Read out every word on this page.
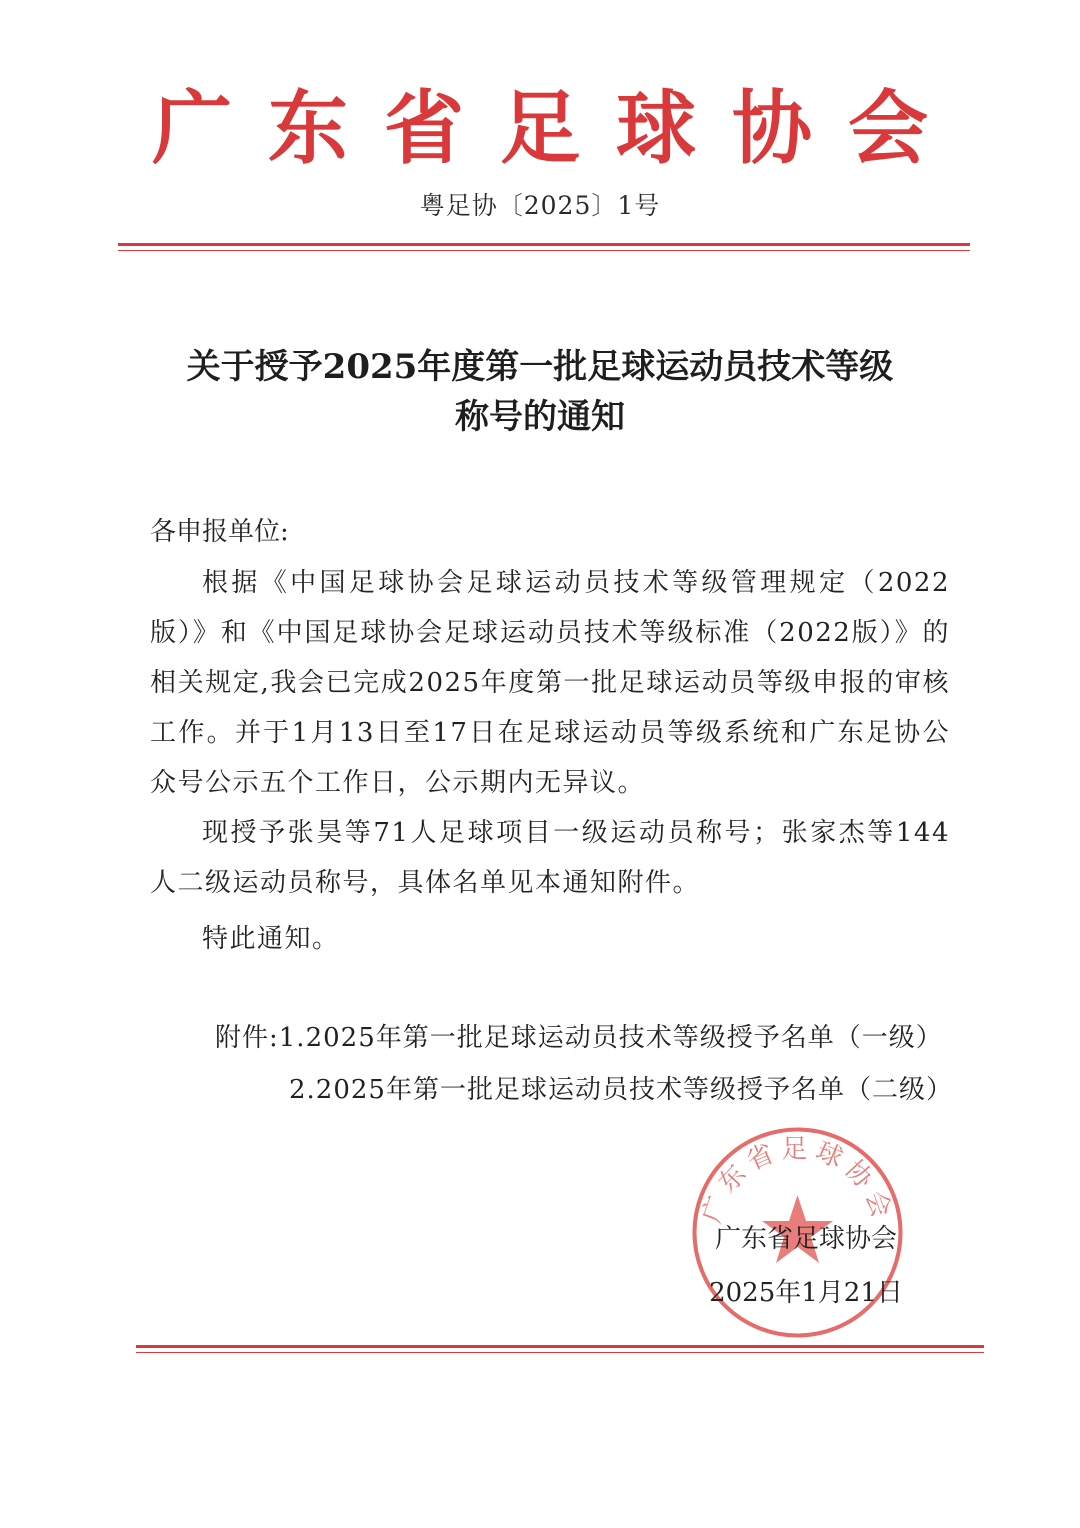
广东省足球协会
粤足协〔2025〕1号
关于授予2025年度第一批足球运动员技术等级
称号的通知
各申报单位:
根据《中国足球协会足球运动员技术等级管理规定（2022版）》和《中国足球协会足球运动员技术等级标准（2022版）》的相关规定,我会已完成2025年度第一批足球运动员等级申报的审核工作。并于1月13日至17日在足球运动员等级系统和广东足协公众号公示五个工作日，公示期内无异议。
现授予张昊等71人足球项目一级运动员称号；张家杰等144人二级运动员称号，具体名单见本通知附件。
特此通知。
附件:1.2025年第一批足球运动员技术等级授予名单（一级）
2.2025年第一批足球运动员技术等级授予名单（二级）
广东省足球协会
广东省足球协会
2025年1月21日
